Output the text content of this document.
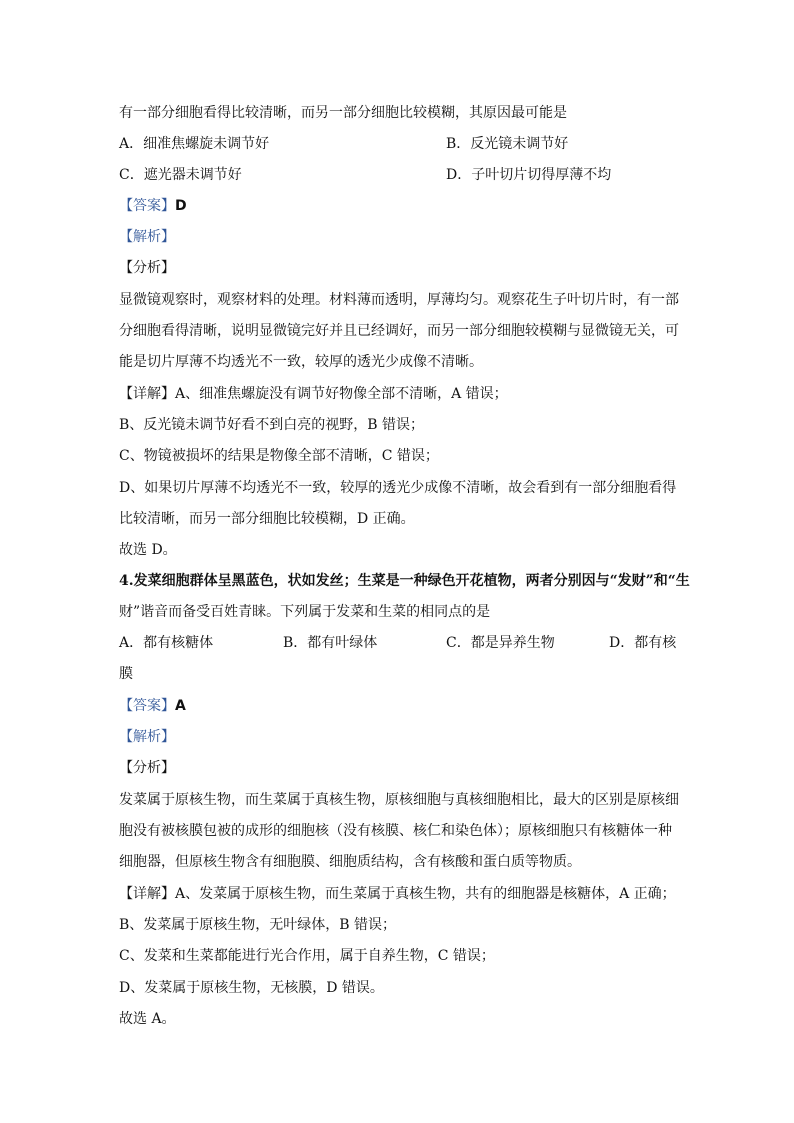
有一部分细胞看得比较清晰，而另一部分细胞比较模糊，其原因最可能是
A．细准焦螺旋未调节好	B．反光镜未调节好
C．遮光器未调节好	D．子叶切片切得厚薄不均
【答案】D
【解析】
【分析】
显微镜观察时，观察材料的处理。材料薄而透明，厚薄均匀。观察花生子叶切片时，有一部
分细胞看得清晰，说明显微镜完好并且已经调好，而另一部分细胞较模糊与显微镜无关，可
能是切片厚薄不均透光不一致，较厚的透光少成像不清晰。
【详解】A、细准焦螺旋没有调节好物像全部不清晰，A 错误；
B、反光镜未调节好看不到白亮的视野，B 错误；
C、物镜被损坏的结果是物像全部不清晰，C 错误；
D、如果切片厚薄不均透光不一致，较厚的透光少成像不清晰，故会看到有一部分细胞看得
比较清晰，而另一部分细胞比较模糊，D 正确。
故选 D。
4.发菜细胞群体呈黑蓝色，状如发丝；生菜是一种绿色开花植物，两者分别因与“发财”和“生
财”谐音而备受百姓青睐。下列属于发菜和生菜的相同点的是
A．都有核糖体	B．都有叶绿体	C．都是异养生物	D．都有核
膜
【答案】A
【解析】
【分析】
发菜属于原核生物，而生菜属于真核生物，原核细胞与真核细胞相比，最大的区别是原核细
胞没有被核膜包被的成形的细胞核（没有核膜、核仁和染色体）；原核细胞只有核糖体一种
细胞器，但原核生物含有细胞膜、细胞质结构，含有核酸和蛋白质等物质。
【详解】A、发菜属于原核生物，而生菜属于真核生物，共有的细胞器是核糖体，A 正确；
B、发菜属于原核生物，无叶绿体，B 错误；
C、发菜和生菜都能进行光合作用，属于自养生物，C 错误；
D、发菜属于原核生物，无核膜，D 错误。
故选 A。
